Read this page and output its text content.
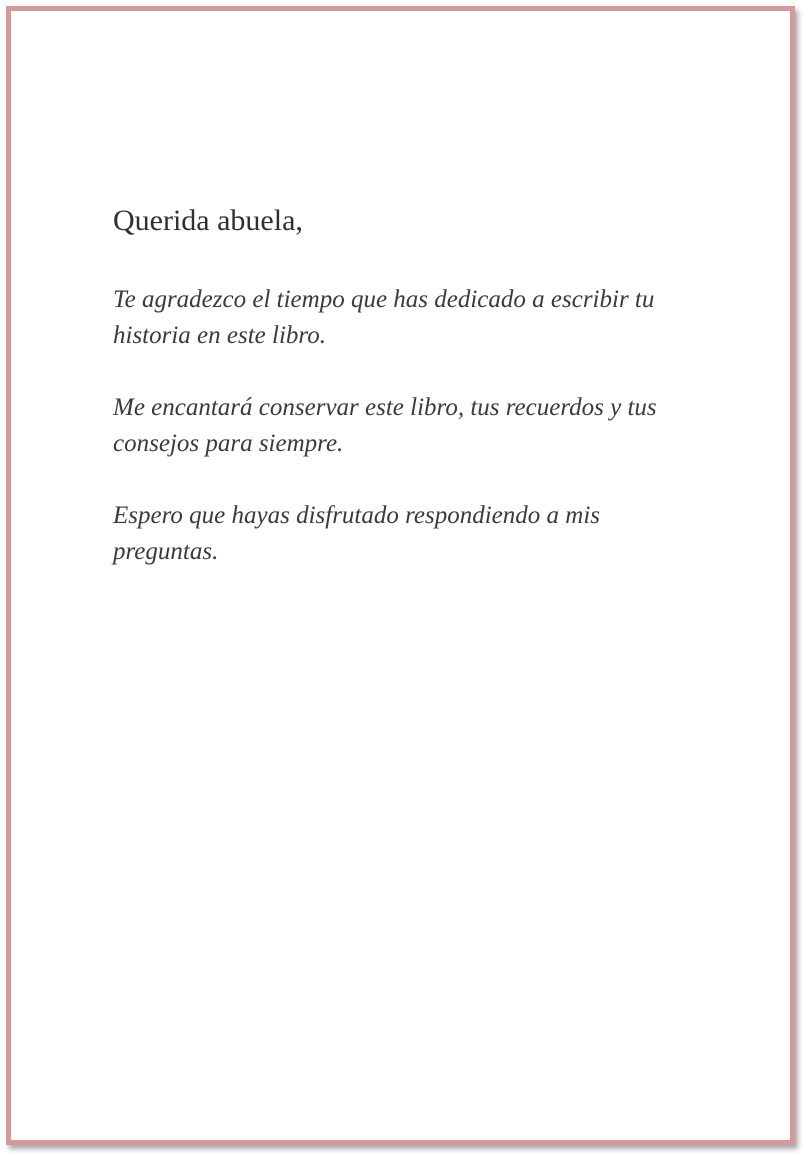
Querida abuela,

Te agradezco el tiempo que has dedicado a escribir tu historia en este libro.

Me encantará conservar este libro, tus recuerdos y tus consejos para siempre.

Espero que hayas disfrutado respondiendo a mis preguntas.
